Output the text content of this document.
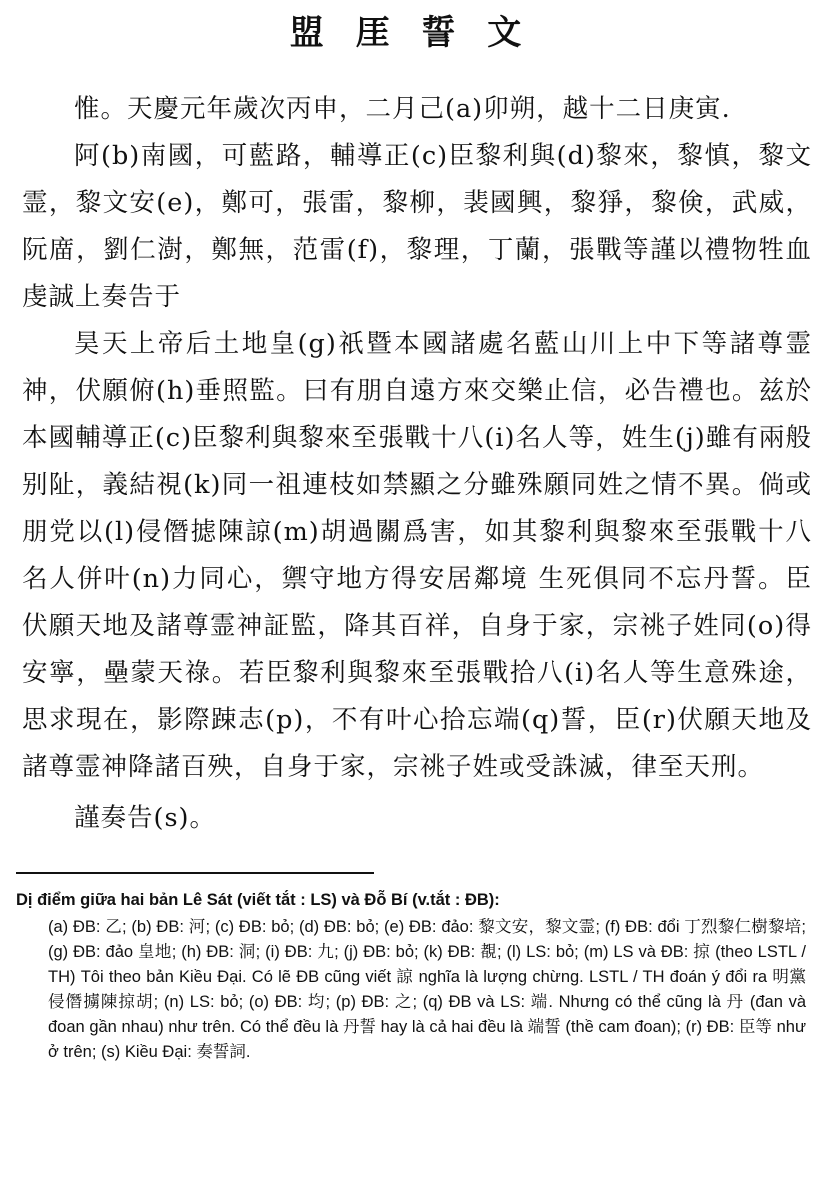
盟 厓 誓 文

惟。天慶元年歲次丙申，二月己(a)卯朔，越十二日庚寅.

阿(b)南國，可藍路，輔導正(c)臣黎利與(d)黎來，黎慎，黎文霊，黎文安(e)，鄭可，張雷，黎柳，裴國興，黎猙，黎倹，武威，阮庿，劉仁澍，鄭無，范雷(f)，黎理，丁蘭，張戰等謹以禮物牲血虔誠上奏告于

昊天上帝后土地皇(g)祇暨本國諸處名藍山川上中下等諸尊霊神，伏願俯(h)垂照監。曰有朋自遠方來交樂止信，必告禮也。兹於本國輔導正(c)臣黎利與黎來至張戰十八(i)名人等，姓生(j)雖有兩般别阯，義結視(k)同一祖連枝如禁顯之分雖殊願同姓之情不異。倘或朋党以(l)侵僭摅陳諒(m)胡過關爲害，如其黎利與黎來至張戰十八名人併叶(n)力同心，禦守地方得安居鄰境 生死俱同不忘丹誓。臣伏願天地及諸尊霊神証監，降其百祥，自身于家，宗祧子姓同(o)得安寧，壘蒙天祿。若臣黎利與黎來至張戰拾八(i)名人等生意殊途，思求現在，影際踈志(p)，不有叶心拾忘端(q)誓，臣(r)伏願天地及諸尊霊神降諸百殃，自身于家，宗祧子姓或受誅滅，律至天刑。

謹奏告(s)。

Dị điểm giữa hai bản Lê Sát (viết tắt : LS) và Đỗ Bí (v.tắt : ĐB):

(a) ĐB: 乙; (b) ĐB: 河; (c) ĐB: bỏ; (d) ĐB: bỏ; (e) ĐB: đảo: 黎文安，黎文霊; (f) ĐB: đổi 丁烈黎仁樹黎培; (g) ĐB: đảo 皇地; (h) ĐB: 洞; (i) ĐB: 九; (j) ĐB: bỏ; (k) ĐB: 覩; (l) LS: bỏ; (m) LS và ĐB: 掠 (theo LSTL / TH) Tôi theo bản Kiều Đại. Có lẽ ĐB cũng viết 諒 nghĩa là lượng chừng. LSTL / TH đoán ý đổi ra 明黨 侵僭擄陳掠胡; (n) LS: bỏ; (o) ĐB: 均; (p) ĐB: 之; (q) ĐB và LS: 端. Nhưng có thể cũng là 丹 (đan và đoan gần nhau) như trên. Có thể đều là 丹誓 hay là cả hai đều là 端誓 (thề cam đoan); (r) ĐB: 臣等 như ở trên; (s) Kiều Đại: 奏誓詞.
